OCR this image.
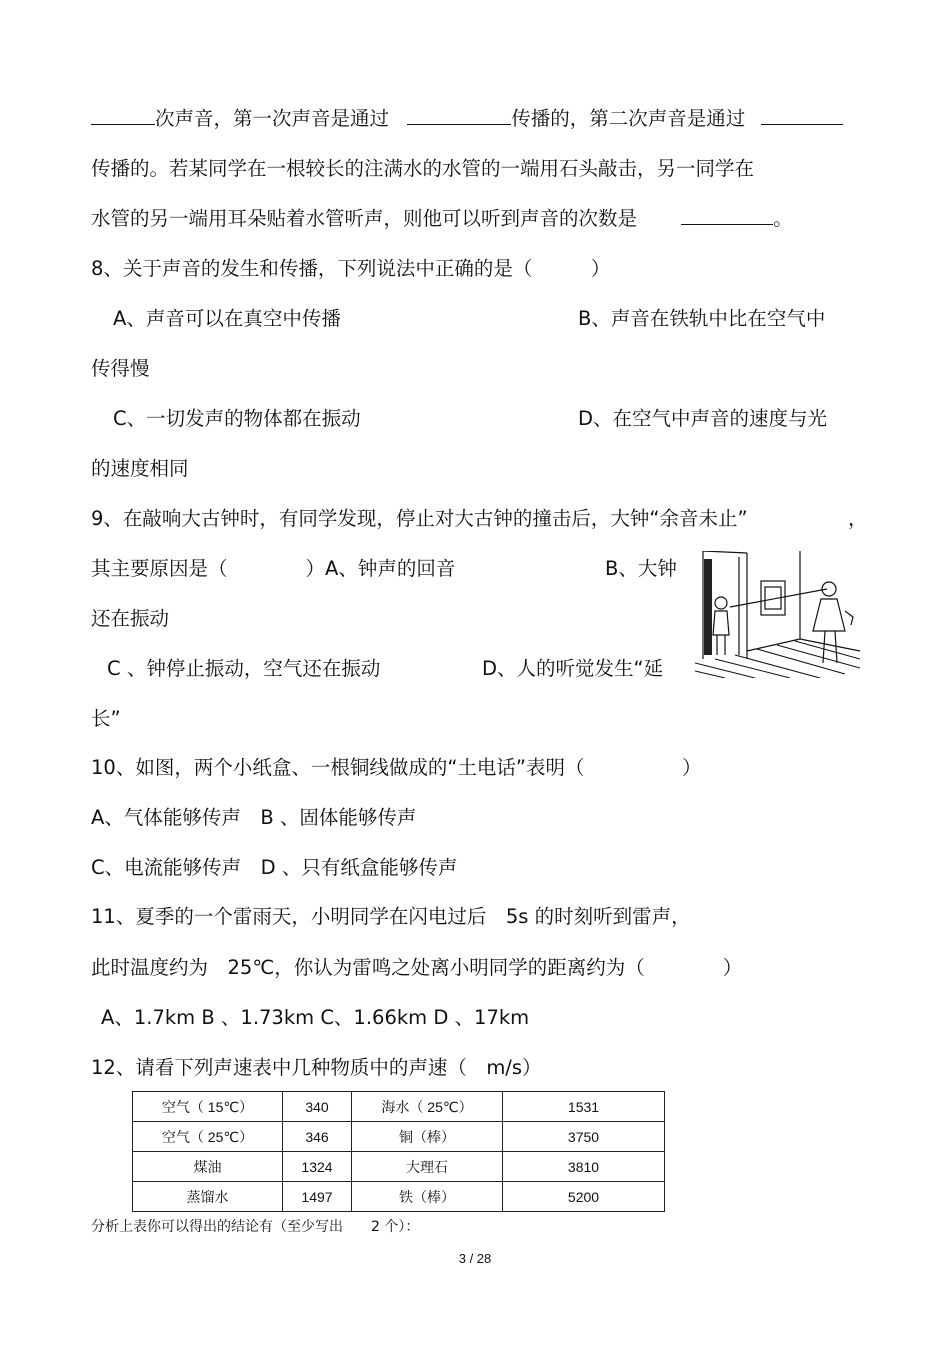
次声音，第一次声音是通过	传播的，第二次声音是通过
传播的。若某同学在一根较长的注满水的水管的一端用石头敲击，另一同学在
水管的另一端用耳朵贴着水管听声，则他可以听到声音的次数是	。
8、关于声音的发生和传播，下列说法中正确的是（　　　）
A、声音可以在真空中传播	B、声音在铁轨中比在空气中
传得慢
C、一切发声的物体都在振动	D、在空气中声音的速度与光
的速度相同
9、在敲响大古钟时，有同学发现，停止对大古钟的撞击后，大钟“余音未止”	，
其主要原因是（　　　　）A、钟声的回音	B、大钟
还在振动
C 、钟停止振动，空气还在振动	D、人的听觉发生“延
长”
10、如图，两个小纸盒、一根铜线做成的“土电话”表明（　　　　　）
A、气体能够传声　B 、固体能够传声
C、电流能够传声　D 、只有纸盒能够传声
11、夏季的一个雷雨天，小明同学在闪电过后　5s 的时刻听到雷声，
此时温度约为　25℃，你认为雷鸣之处离小明同学的距离约为（　　　　）
A、1.7km B 、1.73km C、1.66km D 、17km
12、请看下列声速表中几种物质中的声速（　m/s）
空气（ 15℃）	340	海水（ 25℃）	1531
空气（ 25℃）	346	铜（棒）	3750
煤油	1324	大理石	3810
蒸馏水	1497	铁（棒）	5200
分析上表你可以得出的结论有（至少写出　　2 个）：
3 / 28
